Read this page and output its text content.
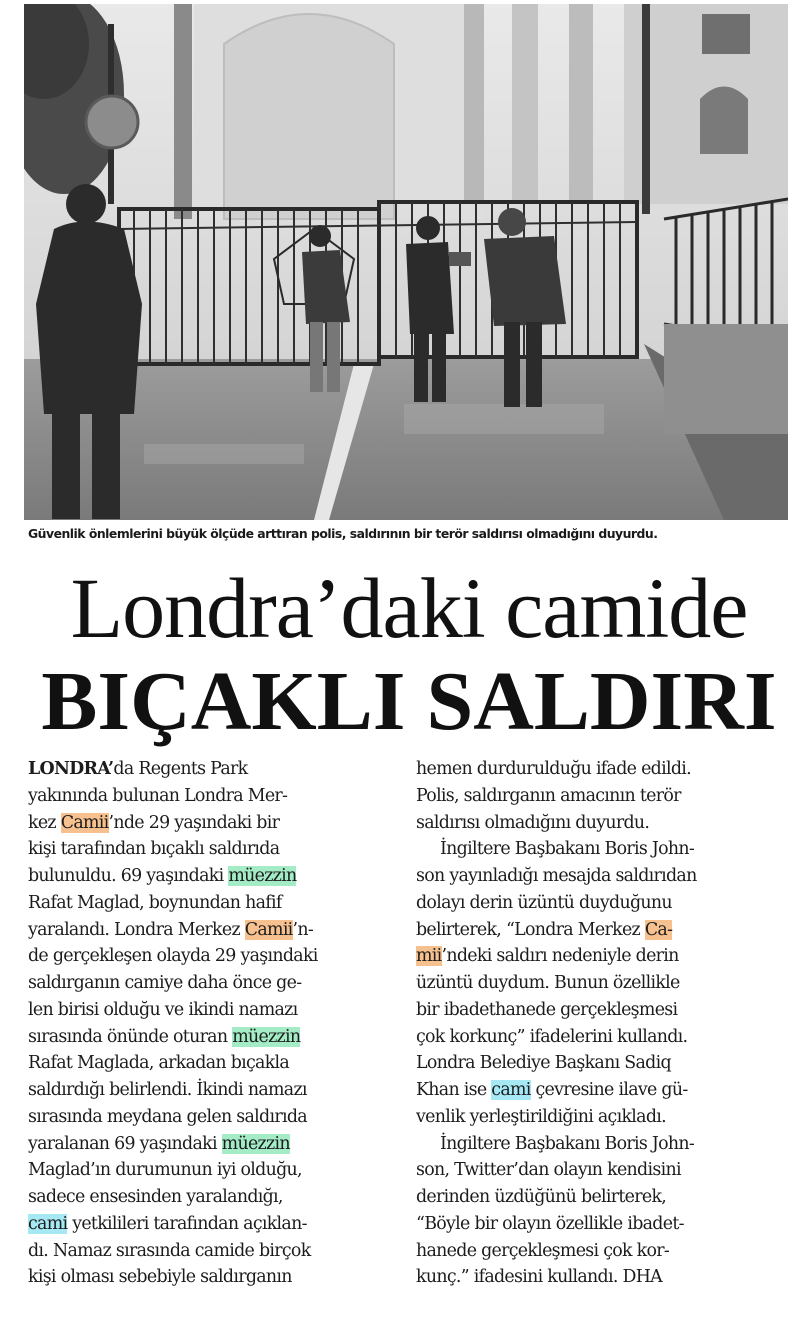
Güvenlik önlemlerini büyük ölçüde arttıran polis, saldırının bir terör saldırısı olmadığını duyurdu.
Londra’daki camide
BIÇAKLI SALDIRI
LONDRA’da Regents Park
yakınında bulunan Londra Mer-
kez Camii’nde 29 yaşındaki bir
kişi tarafından bıçaklı saldırıda
bulunuldu. 69 yaşındaki müezzin
Rafat Maglad, boynundan hafif
yaralandı. Londra Merkez Camii’n-
de gerçekleşen olayda 29 yaşındaki
saldırganın camiye daha önce ge-
len birisi olduğu ve ikindi namazı
sırasında önünde oturan müezzin
Rafat Maglada, arkadan bıçakla
saldırdığı belirlendi. İkindi namazı
sırasında meydana gelen saldırıda
yaralanan 69 yaşındaki müezzin
Maglad’ın durumunun iyi olduğu,
sadece ensesinden yaralandığı,
cami yetkilileri tarafından açıklan-
dı. Namaz sırasında camide birçok
kişi olması sebebiyle saldırganın
hemen durdurulduğu ifade edildi.
Polis, saldırganın amacının terör
saldırısı olmadığını duyurdu.
İngiltere Başbakanı Boris John-
son yayınladığı mesajda saldırıdan
dolayı derin üzüntü duyduğunu
belirterek, “Londra Merkez Ca-
mii’ndeki saldırı nedeniyle derin
üzüntü duydum. Bunun özellikle
bir ibadethanede gerçekleşmesi
çok korkunç” ifadelerini kullandı.
Londra Belediye Başkanı Sadiq
Khan ise cami çevresine ilave gü-
venlik yerleştirildiğini açıkladı.
İngiltere Başbakanı Boris John-
son, Twitter’dan olayın kendisini
derinden üzdüğünü belirterek,
“Böyle bir olayın özellikle ibadet-
hanede gerçekleşmesi çok kor-
kunç.” ifadesini kullandı. DHA
